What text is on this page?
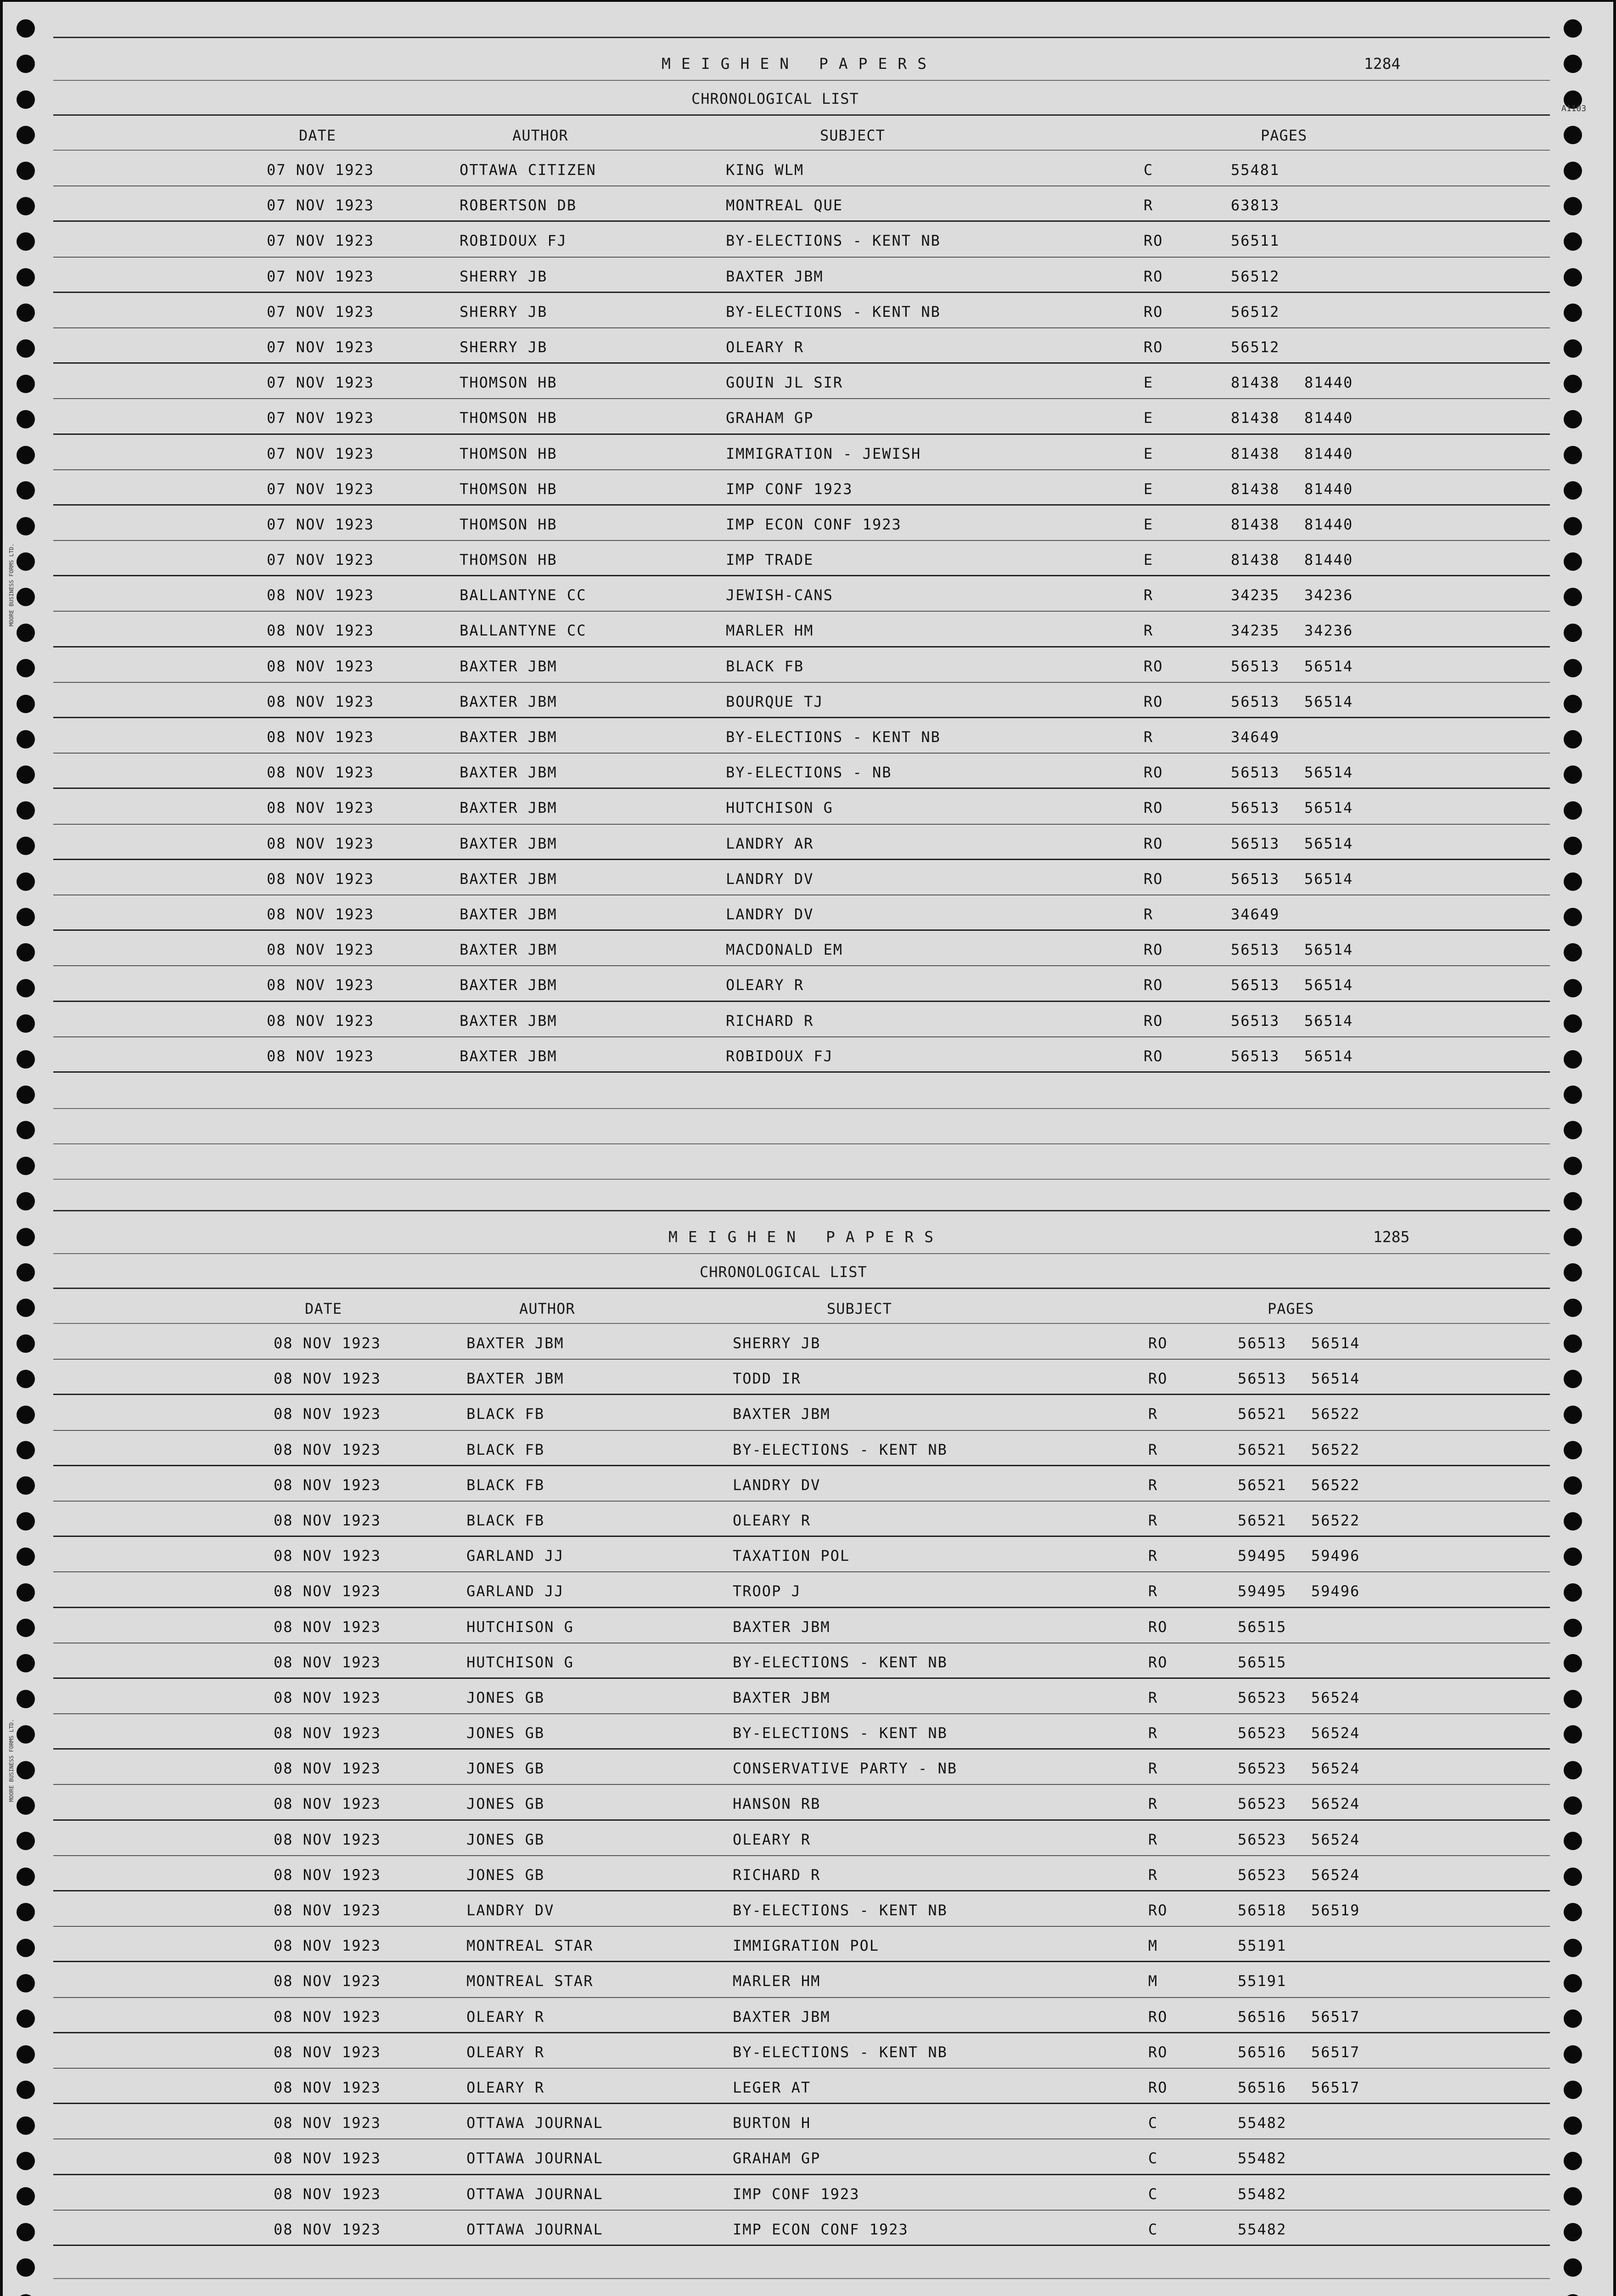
A1103
MOORE BUSINESS FORMS LTD.
MOORE BUSINESS FORMS LTD.
MEIGHEN PAPERS	1284
CHRONOLOGICAL LIST
DATE	AUTHOR	SUBJECT	PAGES
07 NOV 1923	OTTAWA CITIZEN	KING WLM	C	55481
07 NOV 1923	ROBERTSON DB	MONTREAL QUE	R	63813
07 NOV 1923	ROBIDOUX FJ	BY-ELECTIONS - KENT NB	RO	56511
07 NOV 1923	SHERRY JB	BAXTER JBM	RO	56512
07 NOV 1923	SHERRY JB	BY-ELECTIONS - KENT NB	RO	56512
07 NOV 1923	SHERRY JB	OLEARY R	RO	56512
07 NOV 1923	THOMSON HB	GOUIN JL SIR	E	81438 81440
07 NOV 1923	THOMSON HB	GRAHAM GP	E	81438 81440
07 NOV 1923	THOMSON HB	IMMIGRATION - JEWISH	E	81438 81440
07 NOV 1923	THOMSON HB	IMP CONF 1923	E	81438 81440
07 NOV 1923	THOMSON HB	IMP ECON CONF 1923	E	81438 81440
07 NOV 1923	THOMSON HB	IMP TRADE	E	81438 81440
08 NOV 1923	BALLANTYNE CC	JEWISH-CANS	R	34235 34236
08 NOV 1923	BALLANTYNE CC	MARLER HM	R	34235 34236
08 NOV 1923	BAXTER JBM	BLACK FB	RO	56513 56514
08 NOV 1923	BAXTER JBM	BOURQUE TJ	RO	56513 56514
08 NOV 1923	BAXTER JBM	BY-ELECTIONS - KENT NB	R	34649
08 NOV 1923	BAXTER JBM	BY-ELECTIONS - NB	RO	56513 56514
08 NOV 1923	BAXTER JBM	HUTCHISON G	RO	56513 56514
08 NOV 1923	BAXTER JBM	LANDRY AR	RO	56513 56514
08 NOV 1923	BAXTER JBM	LANDRY DV	RO	56513 56514
08 NOV 1923	BAXTER JBM	LANDRY DV	R	34649
08 NOV 1923	BAXTER JBM	MACDONALD EM	RO	56513 56514
08 NOV 1923	BAXTER JBM	OLEARY R	RO	56513 56514
08 NOV 1923	BAXTER JBM	RICHARD R	RO	56513 56514
08 NOV 1923	BAXTER JBM	ROBIDOUX FJ	RO	56513 56514
MEIGHEN PAPERS	1285
CHRONOLOGICAL LIST
DATE	AUTHOR	SUBJECT	PAGES
08 NOV 1923	BAXTER JBM	SHERRY JB	RO	56513 56514
08 NOV 1923	BAXTER JBM	TODD IR	RO	56513 56514
08 NOV 1923	BLACK FB	BAXTER JBM	R	56521 56522
08 NOV 1923	BLACK FB	BY-ELECTIONS - KENT NB	R	56521 56522
08 NOV 1923	BLACK FB	LANDRY DV	R	56521 56522
08 NOV 1923	BLACK FB	OLEARY R	R	56521 56522
08 NOV 1923	GARLAND JJ	TAXATION POL	R	59495 59496
08 NOV 1923	GARLAND JJ	TROOP J	R	59495 59496
08 NOV 1923	HUTCHISON G	BAXTER JBM	RO	56515
08 NOV 1923	HUTCHISON G	BY-ELECTIONS - KENT NB	RO	56515
08 NOV 1923	JONES GB	BAXTER JBM	R	56523 56524
08 NOV 1923	JONES GB	BY-ELECTIONS - KENT NB	R	56523 56524
08 NOV 1923	JONES GB	CONSERVATIVE PARTY - NB	R	56523 56524
08 NOV 1923	JONES GB	HANSON RB	R	56523 56524
08 NOV 1923	JONES GB	OLEARY R	R	56523 56524
08 NOV 1923	JONES GB	RICHARD R	R	56523 56524
08 NOV 1923	LANDRY DV	BY-ELECTIONS - KENT NB	RO	56518 56519
08 NOV 1923	MONTREAL STAR	IMMIGRATION POL	M	55191
08 NOV 1923	MONTREAL STAR	MARLER HM	M	55191
08 NOV 1923	OLEARY R	BAXTER JBM	RO	56516 56517
08 NOV 1923	OLEARY R	BY-ELECTIONS - KENT NB	RO	56516 56517
08 NOV 1923	OLEARY R	LEGER AT	RO	56516 56517
08 NOV 1923	OTTAWA JOURNAL	BURTON H	C	55482
08 NOV 1923	OTTAWA JOURNAL	GRAHAM GP	C	55482
08 NOV 1923	OTTAWA JOURNAL	IMP CONF 1923	C	55482
08 NOV 1923	OTTAWA JOURNAL	IMP ECON CONF 1923	C	55482
